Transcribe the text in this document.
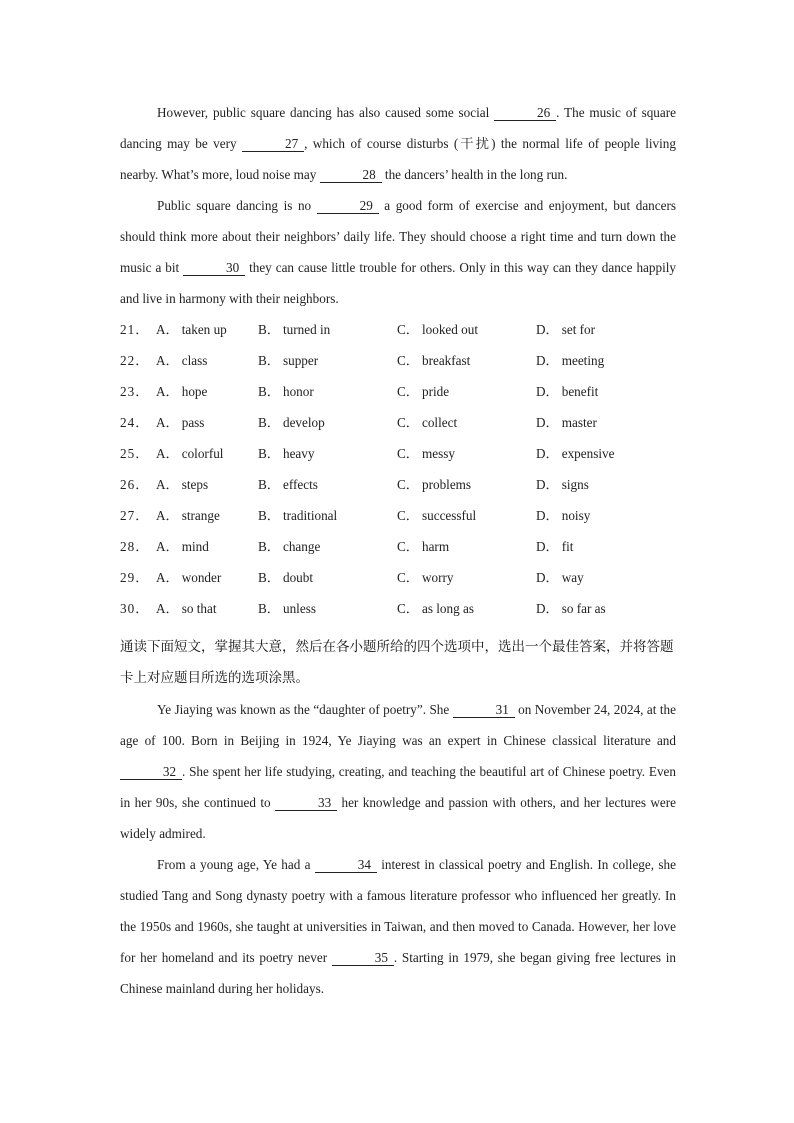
However, public square dancing has also caused some social	26 . The music of square dancing may be very	27 , which of course disturbs (干扰) the normal life of people living nearby. What’s more, loud noise may	28 the dancers’ health in the long run.

Public square dancing is no	29 a good form of exercise and enjoyment, but dancers should think more about their neighbors’ daily life. They should choose a right time and turn down the music a bit	30 they can cause little trouble for others. Only in this way can they dance happily and live in harmony with their neighbors.

21． A． taken up	B． turned in	C． looked out	D． set for
22． A． class	B． supper	C． breakfast	D． meeting
23． A． hope	B． honor	C． pride	D． benefit
24． A． pass	B． develop	C． collect	D． master
25． A． colorful	B． heavy	C． messy	D． expensive
26． A． steps	B． effects	C． problems	D． signs
27． A． strange	B． traditional	C． successful	D． noisy
28． A． mind	B． change	C． harm	D． fit
29． A． wonder	B． doubt	C． worry	D． way
30． A． so that	B． unless	C． as long as	D． so far as

通读下面短文，掌握其大意，然后在各小题所给的四个选项中，选出一个最佳答案，并将答题卡上对应题目所选的选项涂黑。

Ye Jiaying was known as the “daughter of poetry”. She	31 on November 24, 2024, at the age of 100. Born in Beijing in 1924, Ye Jiaying was an expert in Chinese classical literature and 32 . She spent her life studying, creating, and teaching the beautiful art of Chinese poetry. Even in her 90s, she continued to	33 her knowledge and passion with others, and her lectures were widely admired.

From a young age, Ye had a	34 interest in classical poetry and English. In college, she studied Tang and Song dynasty poetry with a famous literature professor who influenced her greatly. In the 1950s and 1960s, she taught at universities in Taiwan, and then moved to Canada. However, her love for her homeland and its poetry never	35 . Starting in 1979, she began giving free lectures in Chinese mainland during her holidays.
